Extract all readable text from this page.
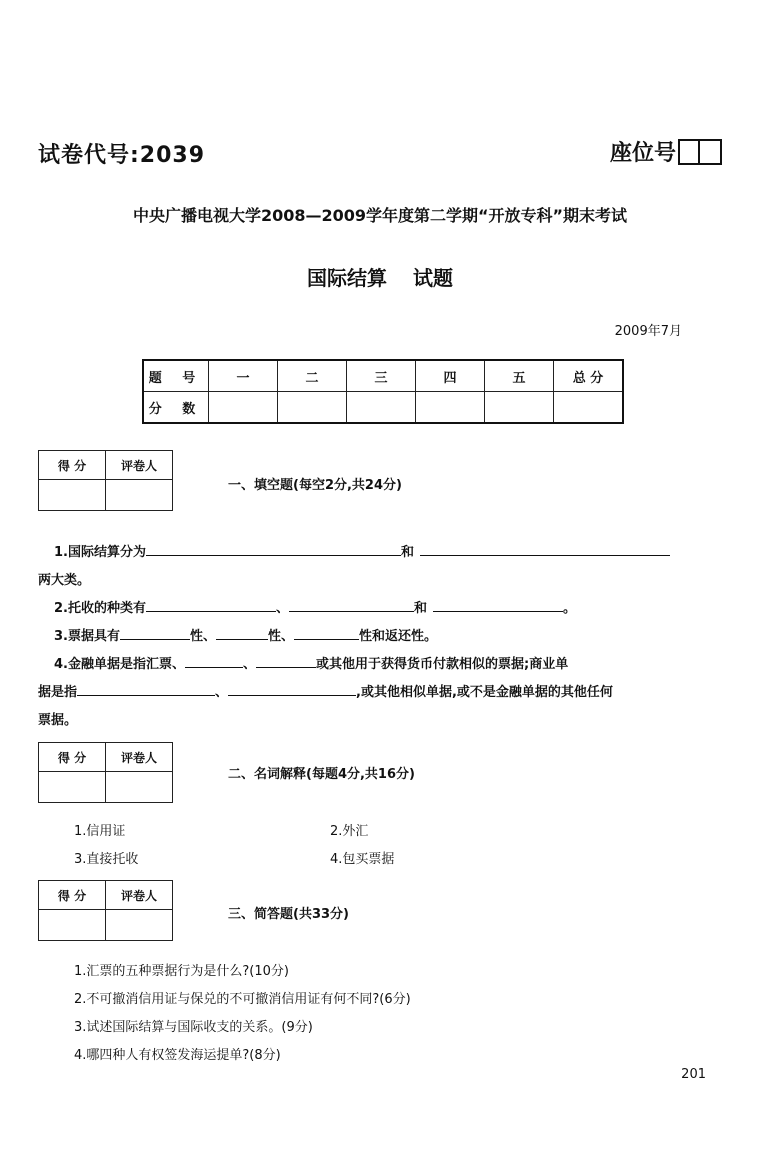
试卷代号:2039	座位号
中央广播电视大学2008—2009学年度第二学期“开放专科”期末考试
国际结算 试题
2009年7月
题 号	一	二	三	四	五	总 分
分 数						
得 分	评卷人

一、填空题(每空2分,共24分)
1.国际结算分为	和
两大类。
2.托收的种类有	、	和	。
3.票据具有	性、	性、	性和返还性。
4.金融单据是指汇票、	、	或其他用于获得货币付款相似的票据;商业单
据是指	、	,或其他相似单据,或不是金融单据的其他任何
票据。
得 分	评卷人

二、名词解释(每题4分,共16分)
1.信用证	2.外汇
3.直接托收	4.包买票据
得 分	评卷人

三、简答题(共33分)
1.汇票的五种票据行为是什么?(10分)
2.不可撤消信用证与保兑的不可撤消信用证有何不同?(6分)
3.试述国际结算与国际收支的关系。(9分)
4.哪四种人有权签发海运提单?(8分)
201
